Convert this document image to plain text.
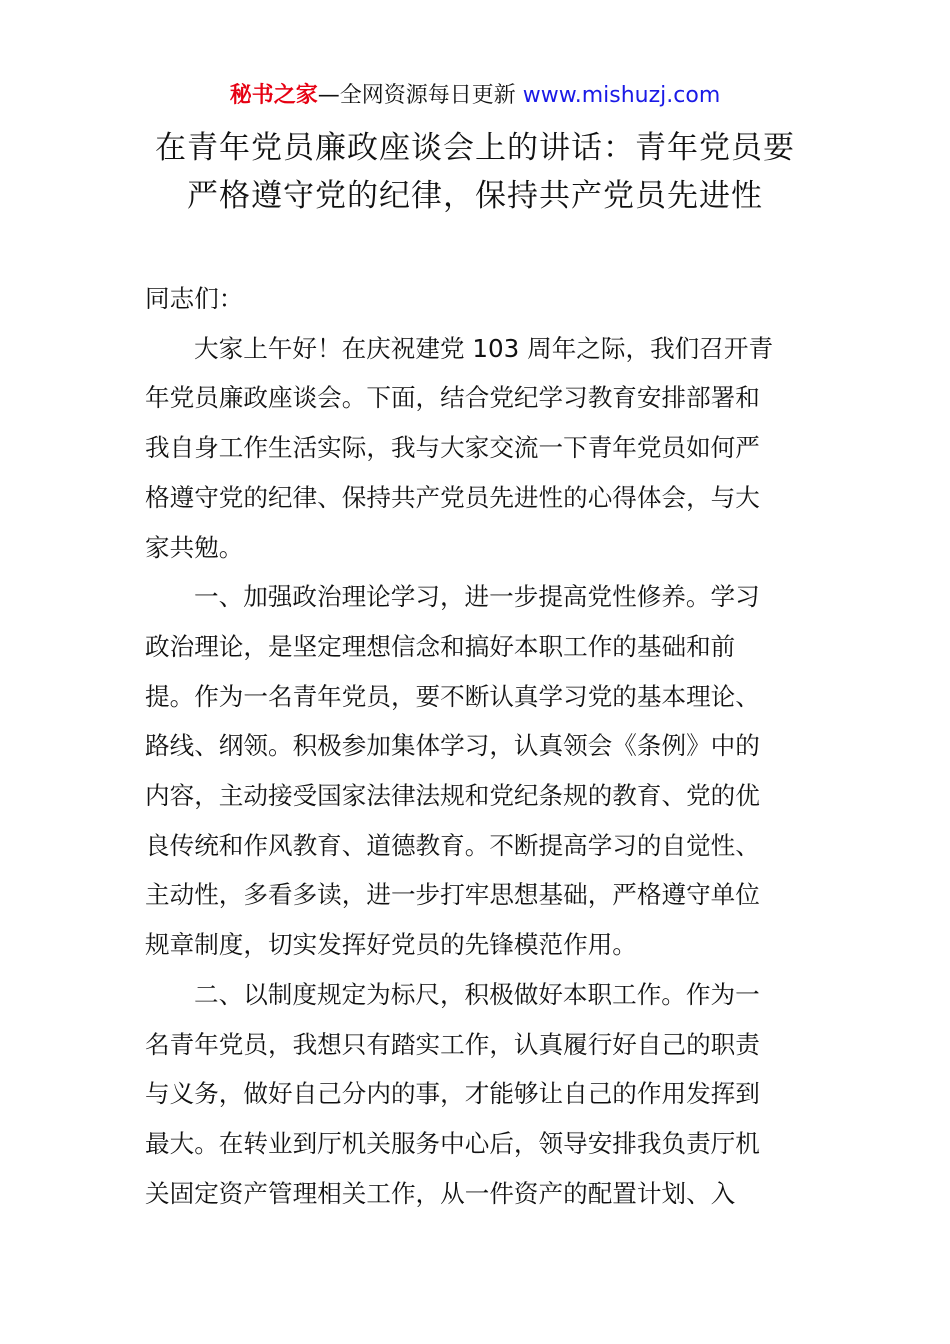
秘书之家—全网资源每日更新 www.mishuzj.com
在青年党员廉政座谈会上的讲话：青年党员要
严格遵守党的纪律，保持共产党员先进性

同志们：

大家上午好！在庆祝建党 103 周年之际，我们召开青
年党员廉政座谈会。下面，结合党纪学习教育安排部署和
我自身工作生活实际，我与大家交流一下青年党员如何严
格遵守党的纪律、保持共产党员先进性的心得体会，与大
家共勉。
一、加强政治理论学习，进一步提高党性修养。学习
政治理论，是坚定理想信念和搞好本职工作的基础和前
提。作为一名青年党员，要不断认真学习党的基本理论、
路线、纲领。积极参加集体学习，认真领会《条例》中的
内容，主动接受国家法律法规和党纪条规的教育、党的优
良传统和作风教育、道德教育。不断提高学习的自觉性、
主动性，多看多读，进一步打牢思想基础，严格遵守单位
规章制度，切实发挥好党员的先锋模范作用。
二、以制度规定为标尺，积极做好本职工作。作为一
名青年党员，我想只有踏实工作，认真履行好自己的职责
与义务，做好自己分内的事，才能够让自己的作用发挥到
最大。在转业到厅机关服务中心后，领导安排我负责厅机
关固定资产管理相关工作，从一件资产的配置计划、入
